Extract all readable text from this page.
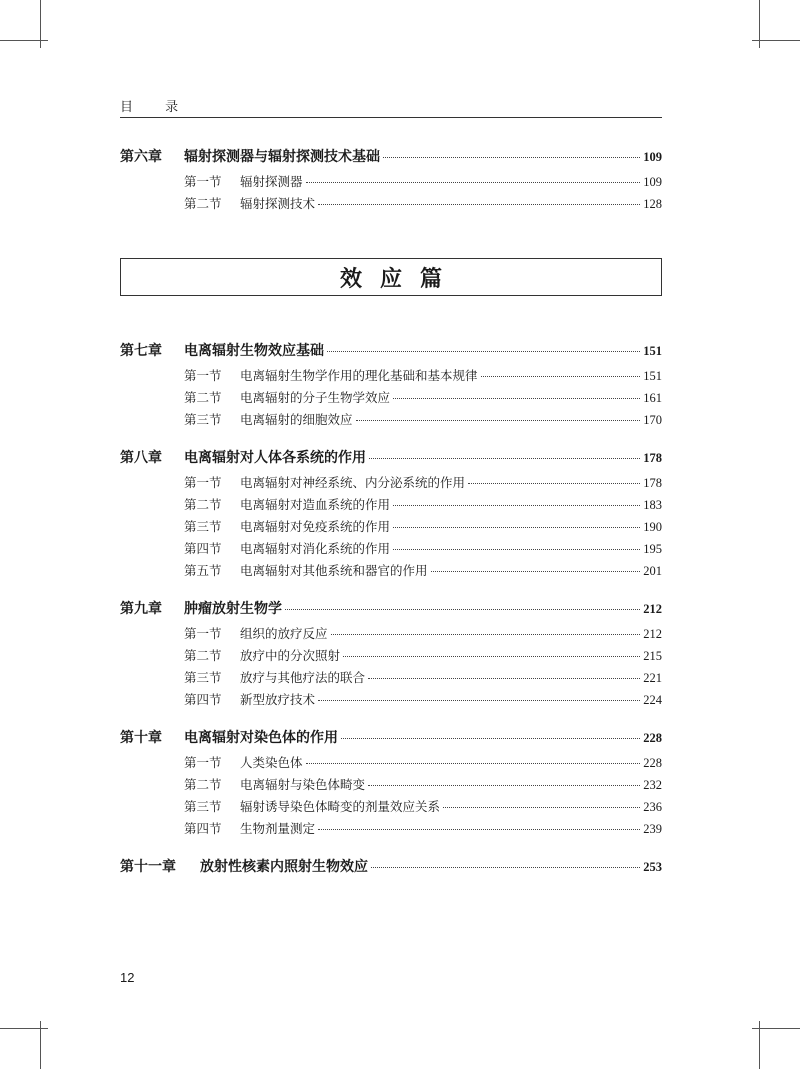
目 录
第六章	辐射探测器与辐射探测技术基础	109
第一节	辐射探测器	109
第二节	辐射探测技术	128
效应篇
第七章	电离辐射生物效应基础	151
第一节	电离辐射生物学作用的理化基础和基本规律	151
第二节	电离辐射的分子生物学效应	161
第三节	电离辐射的细胞效应	170
第八章	电离辐射对人体各系统的作用	178
第一节	电离辐射对神经系统、内分泌系统的作用	178
第二节	电离辐射对造血系统的作用	183
第三节	电离辐射对免疫系统的作用	190
第四节	电离辐射对消化系统的作用	195
第五节	电离辐射对其他系统和器官的作用	201
第九章	肿瘤放射生物学	212
第一节	组织的放疗反应	212
第二节	放疗中的分次照射	215
第三节	放疗与其他疗法的联合	221
第四节	新型放疗技术	224
第十章	电离辐射对染色体的作用	228
第一节	人类染色体	228
第二节	电离辐射与染色体畸变	232
第三节	辐射诱导染色体畸变的剂量效应关系	236
第四节	生物剂量测定	239
第十一章	放射性核素内照射生物效应	253
12
